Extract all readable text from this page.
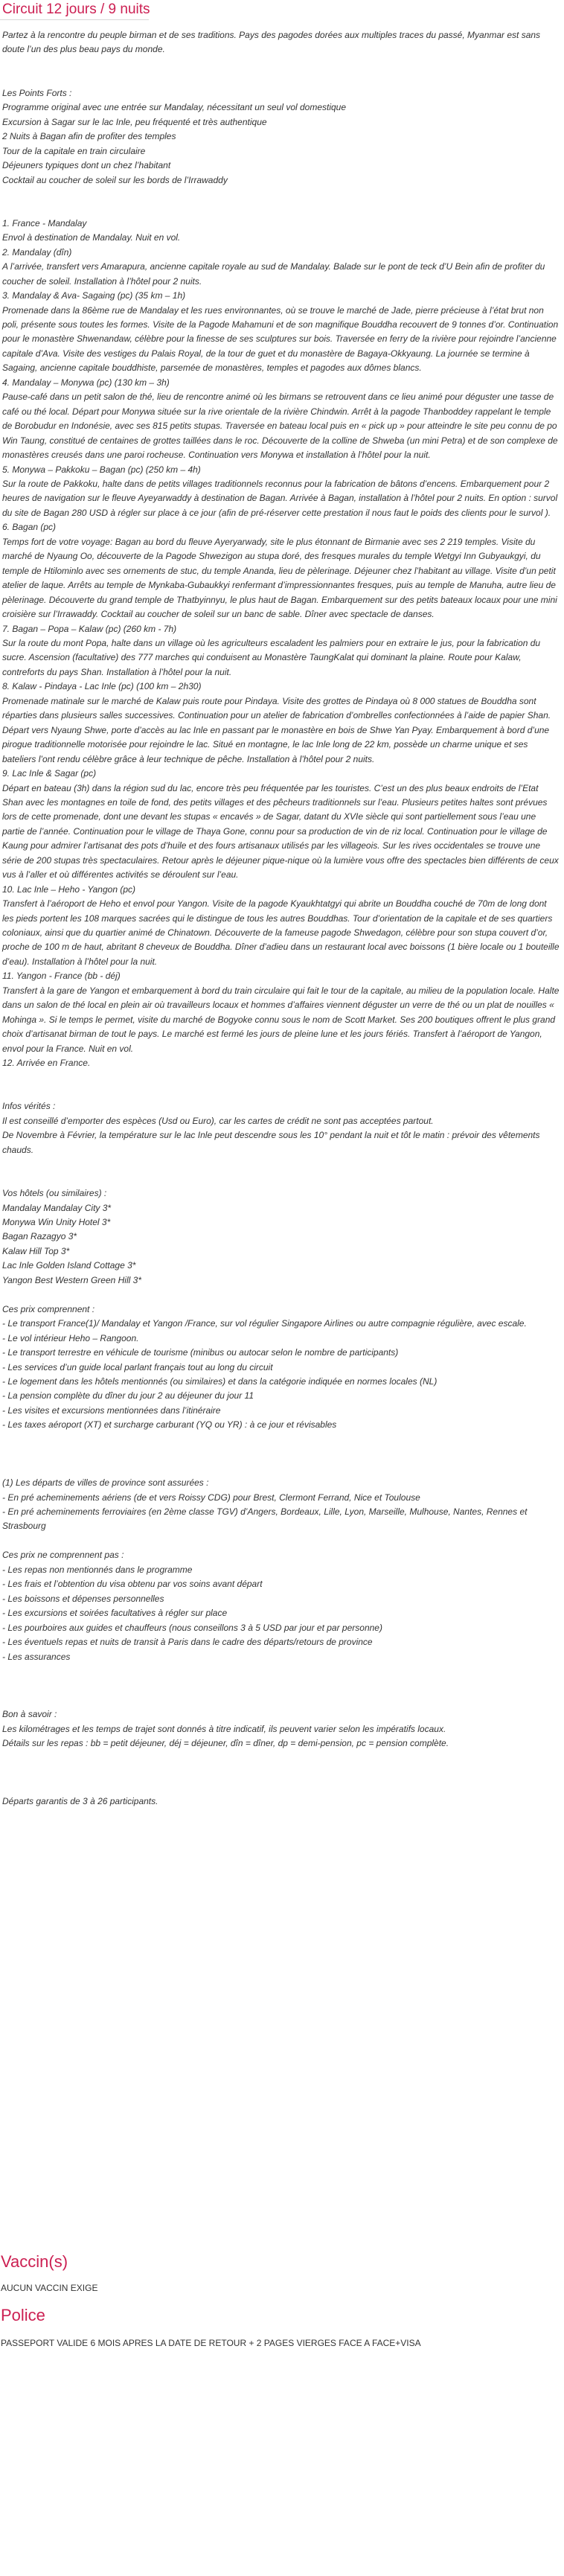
Circuit 12 jours / 9 nuits

Partez à la rencontre du peuple birman et de ses traditions. Pays des pagodes dorées aux multiples traces du passé, Myanmar est sans doute l’un des plus beau pays du monde.

Les Points Forts :

Programme original avec une entrée sur Mandalay, nécessitant un seul vol domestique

Excursion à Sagar sur le lac Inle, peu fréquenté et très authentique

2 Nuits à Bagan afin de profiter des temples

Tour de la capitale en train circulaire

Déjeuners typiques dont un chez l’habitant

Cocktail au coucher de soleil sur les bords de l’Irrawaddy

1. France - Mandalay

Envol à destination de Mandalay. Nuit en vol.

2. Mandalay (dîn)

A l’arrivée, transfert vers Amarapura, ancienne capitale royale au sud de Mandalay. Balade sur le pont de teck d’U Bein afin de profiter du coucher de soleil. Installation à l’hôtel pour 2 nuits.

3. Mandalay & Ava- Sagaing (pc) (35 km – 1h)

Promenade dans la 86ème rue de Mandalay et les rues environnantes, où se trouve le marché de Jade, pierre précieuse à l’état brut non poli, présente sous toutes les formes. Visite de la Pagode Mahamuni et de son magnifique Bouddha recouvert de 9 tonnes d’or. Continuation pour le monastère Shwenandaw, célèbre pour la finesse de ses sculptures sur bois. Traversée en ferry de la rivière pour rejoindre l’ancienne capitale d’Ava. Visite des vestiges du Palais Royal, de la tour de guet et du monastère de Bagaya-Okkyaung. La journée se termine à Sagaing, ancienne capitale bouddhiste, parsemée de monastères, temples et pagodes aux dômes blancs.

4. Mandalay – Monywa (pc) (130 km – 3h)

Pause-café dans un petit salon de thé, lieu de rencontre animé où les birmans se retrouvent dans ce lieu animé pour déguster une tasse de café ou thé local. Départ pour Monywa située sur la rive orientale de la rivière Chindwin. Arrêt à la pagode Thanboddey rappelant le temple de Borobudur en Indonésie, avec ses 815 petits stupas. Traversée en bateau local puis en « pick up » pour atteindre le site peu connu de po Win Taung, constitué de centaines de grottes taillées dans le roc. Découverte de la colline de Shweba (un mini Petra) et de son complexe de monastères creusés dans une paroi rocheuse. Continuation vers Monywa et installation à l’hôtel pour la nuit.

5. Monywa – Pakkoku – Bagan (pc) (250 km – 4h)

Sur la route de Pakkoku, halte dans de petits villages traditionnels reconnus pour la fabrication de bâtons d’encens. Embarquement pour 2 heures de navigation sur le fleuve Ayeyarwaddy à destination de Bagan. Arrivée à Bagan, installation à l’hôtel pour 2 nuits. En option : survol du site de Bagan 280 USD à régler sur place à ce jour (afin de pré-réserver cette prestation il nous faut le poids des clients pour le survol ).

6. Bagan (pc)

Temps fort de votre voyage: Bagan au bord du fleuve Ayeryarwady, site le plus étonnant de Birmanie avec ses 2 219 temples. Visite du marché de Nyaung Oo, découverte de la Pagode Shwezigon au stupa doré, des fresques murales du temple Wetgyi Inn Gubyaukgyi, du temple de Htilominlo avec ses ornements de stuc, du temple Ananda, lieu de pèlerinage. Déjeuner chez l’habitant au village. Visite d’un petit atelier de laque. Arrêts au temple de Mynkaba-Gubaukkyi renfermant d’impressionnantes fresques, puis au temple de Manuha, autre lieu de pèlerinage. Découverte du grand temple de Thatbyinnyu, le plus haut de Bagan. Embarquement sur des petits bateaux locaux pour une mini croisière sur l’Irrawaddy. Cocktail au coucher de soleil sur un banc de sable. Dîner avec spectacle de danses.

7. Bagan – Popa – Kalaw (pc) (260 km - 7h)

Sur la route du mont Popa, halte dans un village où les agriculteurs escaladent les palmiers pour en extraire le jus, pour la fabrication du sucre. Ascension (facultative) des 777 marches qui conduisent au Monastère TaungKalat qui dominant la plaine. Route pour Kalaw, contreforts du pays Shan. Installation à l’hôtel pour la nuit.

8. Kalaw - Pindaya - Lac Inle (pc) (100 km – 2h30)

Promenade matinale sur le marché de Kalaw puis route pour Pindaya. Visite des grottes de Pindaya où 8 000 statues de Bouddha sont réparties dans plusieurs salles successives. Continuation pour un atelier de fabrication d’ombrelles confectionnées à l’aide de papier Shan. Départ vers Nyaung Shwe, porte d’accès au lac Inle en passant par le monastère en bois de Shwe Yan Pyay. Embarquement à bord d’une pirogue traditionnelle motorisée pour rejoindre le lac. Situé en montagne, le lac Inle long de 22 km, possède un charme unique et ses bateliers l’ont rendu célèbre grâce à leur technique de pêche. Installation à l’hôtel pour 2 nuits.

9. Lac Inle & Sagar (pc)

Départ en bateau (3h) dans la région sud du lac, encore très peu fréquentée par les touristes. C’est un des plus beaux endroits de l’Etat Shan avec les montagnes en toile de fond, des petits villages et des pêcheurs traditionnels sur l’eau. Plusieurs petites haltes sont prévues lors de cette promenade, dont une devant les stupas « encavés » de Sagar, datant du XVIe siècle qui sont partiellement sous l’eau une partie de l’année. Continuation pour le village de Thaya Gone, connu pour sa production de vin de riz local. Continuation pour le village de Kaung pour admirer l’artisanat des pots d’huile et des fours artisanaux utilisés par les villageois. Sur les rives occidentales se trouve une série de 200 stupas très spectaculaires. Retour après le déjeuner pique-nique où la lumière vous offre des spectacles bien différents de ceux vus à l’aller et où différentes activités se déroulent sur l’eau.

10. Lac Inle – Heho - Yangon (pc)

Transfert à l’aéroport de Heho et envol pour Yangon. Visite de la pagode Kyaukhtatgyi qui abrite un Bouddha couché de 70m de long dont les pieds portent les 108 marques sacrées qui le distingue de tous les autres Bouddhas. Tour d’orientation de la capitale et de ses quartiers coloniaux, ainsi que du quartier animé de Chinatown. Découverte de la fameuse pagode Shwedagon, célèbre pour son stupa couvert d’or, proche de 100 m de haut, abritant 8 cheveux de Bouddha. Dîner d’adieu dans un restaurant local avec boissons (1 bière locale ou 1 bouteille d’eau). Installation à l’hôtel pour la nuit.

11. Yangon - France (bb - déj)

Transfert à la gare de Yangon et embarquement à bord du train circulaire qui fait le tour de la capitale, au milieu de la population locale. Halte dans un salon de thé local en plein air où travailleurs locaux et hommes d’affaires viennent déguster un verre de thé ou un plat de nouilles « Mohinga ». Si le temps le permet, visite du marché de Bogyoke connu sous le nom de Scott Market. Ses 200 boutiques offrent le plus grand choix d’artisanat birman de tout le pays. Le marché est fermé les jours de pleine lune et les jours fériés. Transfert à l’aéroport de Yangon, envol pour la France. Nuit en vol.

12. Arrivée en France.

Infos vérités :

Il est conseillé d’emporter des espèces (Usd ou Euro), car les cartes de crédit ne sont pas acceptées partout.

De Novembre à Février, la température sur le lac Inle peut descendre sous les 10° pendant la nuit et tôt le matin : prévoir des vêtements chauds.

Vos hôtels (ou similaires) :

Mandalay Mandalay City 3*

Monywa Win Unity Hotel 3*

Bagan Razagyo 3*

Kalaw Hill Top 3*

Lac Inle Golden Island Cottage 3*

Yangon Best Western Green Hill 3*

Ces prix comprennent :

- Le transport France(1)/ Mandalay et Yangon /France, sur vol régulier Singapore Airlines ou autre compagnie régulière, avec escale.

- Le vol intérieur Heho – Rangoon.

- Le transport terrestre en véhicule de tourisme (minibus ou autocar selon le nombre de participants)

- Les services d’un guide local parlant français tout au long du circuit

- Le logement dans les hôtels mentionnés (ou similaires) et dans la catégorie indiquée en normes locales (NL)

- La pension complète du dîner du jour 2 au déjeuner du jour 11

- Les visites et excursions mentionnées dans l’itinéraire

- Les taxes aéroport (XT) et surcharge carburant (YQ ou YR) : à ce jour et révisables

(1) Les départs de villes de province sont assurées :

- En pré acheminements aériens (de et vers Roissy CDG) pour Brest, Clermont Ferrand, Nice et Toulouse

- En pré acheminements ferroviaires (en 2ème classe TGV) d’Angers, Bordeaux, Lille, Lyon, Marseille, Mulhouse, Nantes, Rennes et Strasbourg

Ces prix ne comprennent pas :

- Les repas non mentionnés dans le programme

- Les frais et l’obtention du visa obtenu par vos soins avant départ

- Les boissons et dépenses personnelles

- Les excursions et soirées facultatives à régler sur place

- Les pourboires aux guides et chauffeurs (nous conseillons 3 à 5 USD par jour et par personne)

- Les éventuels repas et nuits de transit à Paris dans le cadre des départs/retours de province

- Les assurances

Bon à savoir :

Les kilométrages et les temps de trajet sont donnés à titre indicatif, ils peuvent varier selon les impératifs locaux.

Détails sur les repas : bb = petit déjeuner, déj = déjeuner, dîn = dîner, dp = demi-pension, pc = pension complète.

Départs garantis de 3 à 26 participants.

Vaccin(s)
AUCUN VACCIN EXIGE
Police
PASSEPORT VALIDE 6 MOIS APRES LA DATE DE RETOUR + 2 PAGES VIERGES FACE A FACE+VISA
